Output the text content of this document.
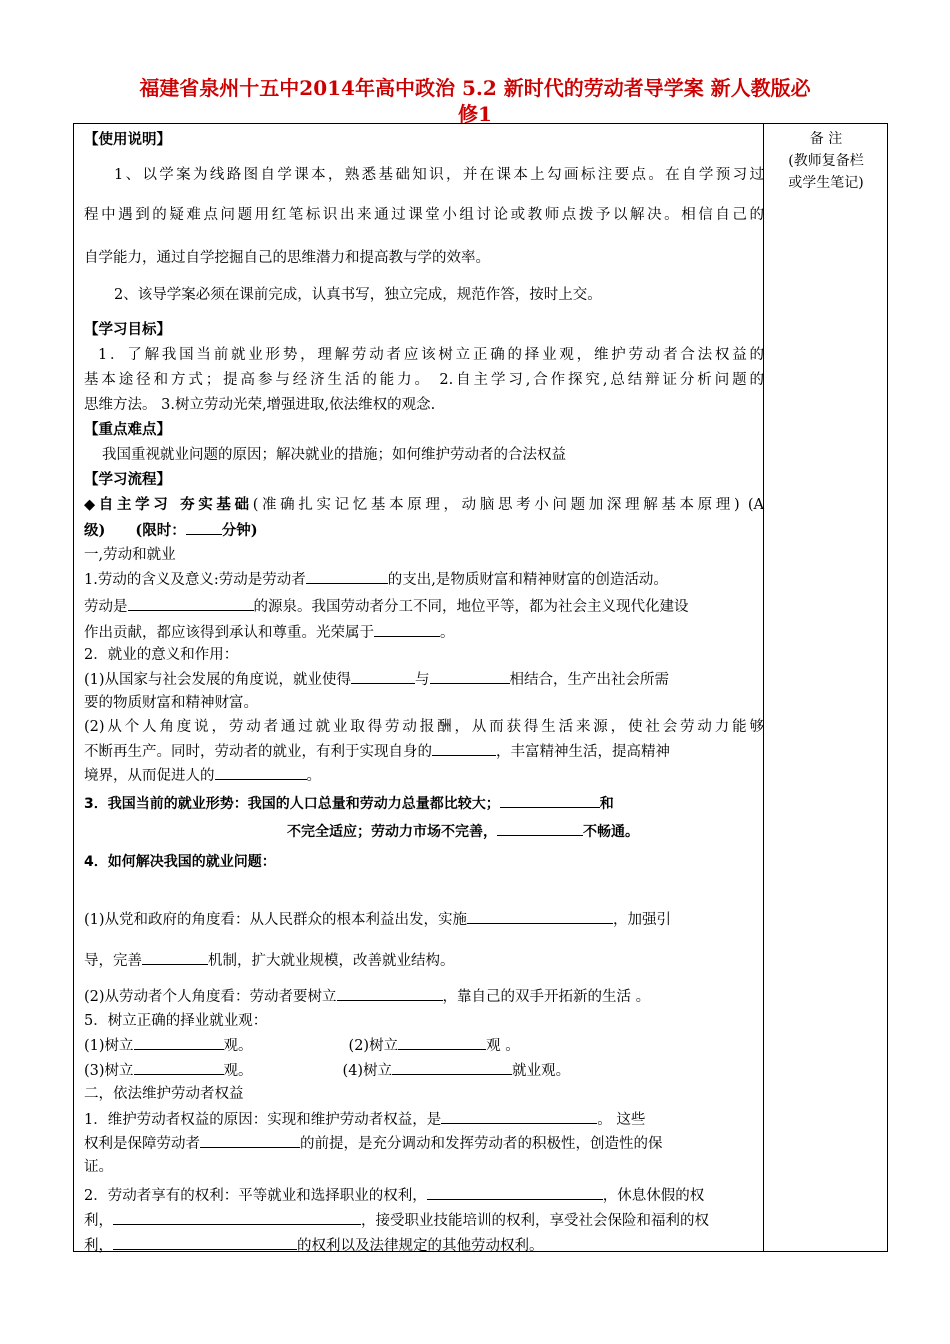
福建省泉州十五中2014年高中政治 5.2 新时代的劳动者导学案 新人教版必
修1
备 注
(教师复备栏
或学生笔记)
【使用说明】
1、以学案为线路图自学课本，熟悉基础知识，并在课本上勾画标注要点。在自学预习过
程中遇到的疑难点问题用红笔标识出来通过课堂小组讨论或教师点拨予以解决。相信自己的
自学能力，通过自学挖掘自己的思维潜力和提高教与学的效率。
2、该导学案必须在课前完成，认真书写，独立完成，规范作答，按时上交。
【学习目标】
1．了解我国当前就业形势，理解劳动者应该树立正确的择业观，维护劳动者合法权益的
基本途径和方式；提高参与经济生活的能力。 2.自主学习,合作探究,总结辩证分析问题的
思维方法。 3.树立劳动光荣,增强进取,依法维权的观念.
【重点难点】
我国重视就业问题的原因；解决就业的措施；如何维护劳动者的合法权益
【学习流程】
◆自主学习 夯实基础(准确扎实记忆基本原理，动脑思考小问题加深理解基本原理) (A
级) (限时： 分钟)
一,劳动和就业
1.劳动的含义及意义:劳动是劳动者	的支出,是物质财富和精神财富的创造活动。
劳动是	的源泉。我国劳动者分工不同，地位平等，都为社会主义现代化建设
作出贡献，都应该得到承认和尊重。光荣属于	。
2．就业的意义和作用：
(1)从国家与社会发展的角度说，就业使得	与	相结合，生产出社会所需
要的物质财富和精神财富。
(2)从个人角度说，劳动者通过就业取得劳动报酬，从而获得生活来源，使社会劳动力能够
不断再生产。同时，劳动者的就业，有利于实现自身的	，丰富精神生活，提高精神
境界，从而促进人的	。
3．我国当前的就业形势：我国的人口总量和劳动力总量都比较大；	和
不完全适应；劳动力市场不完善，	不畅通。
4．如何解决我国的就业问题：
(1)从党和政府的角度看：从人民群众的根本利益出发，实施	，加强引
导，完善	机制，扩大就业规模，改善就业结构。
(2)从劳动者个人角度看：劳动者要树立	，靠自己的双手开拓新的生活 。
5．树立正确的择业就业观：
(1)树立	观。	(2)树立	观 。
(3)树立	观。	(4)树立	就业观。
二，依法维护劳动者权益
1．维护劳动者权益的原因：实现和维护劳动者权益，是	。 这些
权利是保障劳动者	的前提，是充分调动和发挥劳动者的积极性，创造性的保
证。
2．劳动者享有的权利：平等就业和选择职业的权利，	，休息休假的权
利，	，接受职业技能培训的权利，享受社会保险和福利的权
利，	的权利以及法律规定的其他劳动权利。
